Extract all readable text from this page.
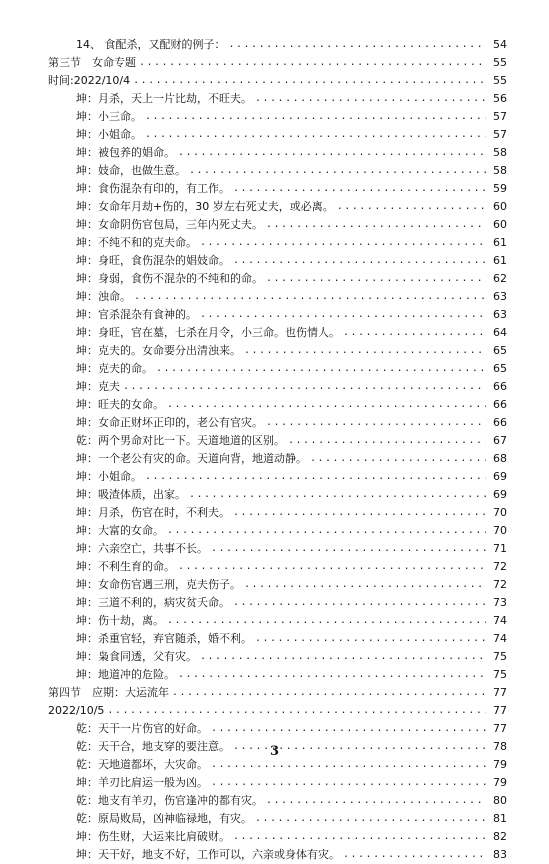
14、 食配杀，又配财的例子： .....	54
第三节　女命专题 .....	55
时间:2022/10/4 .....	55
坤：月杀，天上一片比劫，不旺夫。 .....	56
坤：小三命。 .....	57
坤：小姐命。 .....	57
坤：被包养的娼命。 .....	58
坤：妓命，也做生意。 .....	58
坤：食伤混杂有印的，有工作。 .....	59
坤：女命年月劫+伤的，30 岁左右死丈夫，或必离。 .....	60
坤：女命阴伤官包局，三年内死丈夫。 .....	60
坤：不纯不和的克夫命。 .....	61
坤：身旺，食伤混杂的娼妓命。 .....	61
坤：身弱，食伤不混杂的不纯和的命。 .....	62
坤：浊命。 .....	63
坤：官杀混杂有食神的。 .....	63
坤：身旺，官在墓，七杀在月令，小三命。也伤情人。 .....	64
坤：克夫的。女命要分出清浊来。 .....	65
坤：克夫的命。 .....	65
坤：克夫 .....	66
坤：旺夫的女命。 .....	66
坤：女命正财坏正印的，老公有官灾。 .....	66
乾：两个男命对比一下。天道地道的区别。 .....	67
坤：一个老公有灾的命。天道向背，地道动静。 .....	68
坤：小姐命。 .....	69
坤：吸渣体质，出家。 .....	69
坤：月杀，伤官在时，不利夫。 .....	70
坤：大富的女命。 .....	70
坤：六亲空亡，共事不长。 .....	71
坤：不利生育的命。 .....	72
坤：女命伤官遇三刑，克夫伤子。 .....	72
坤：三道不利的，病灾贫夭命。 .....	73
坤：伤十劫，离。 .....	74
坤：杀重官轻，弃官随杀，婚不利。 .....	74
坤：枭食同透，父有灾。 .....	75
坤：地道冲的危险。 .....	75
第四节　应期：大运流年 .....	77
2022/10/5 .....	77
乾：天干一片伤官的好命。 .....	77
乾：天干合，地支穿的要注意。 .....	78
乾：天地道都坏，大灾命。 .....	79
坤：羊刃比肩运一般为凶。 .....	79
乾：地支有羊刃，伤官逢冲的都有灾。 .....	80
乾：原局败局，凶神临禄地，有灾。 .....	81
坤：伤生财，大运来比肩破财。 .....	82
坤：天干好，地支不好，工作可以，六亲或身体有灾。 .....	83
3
